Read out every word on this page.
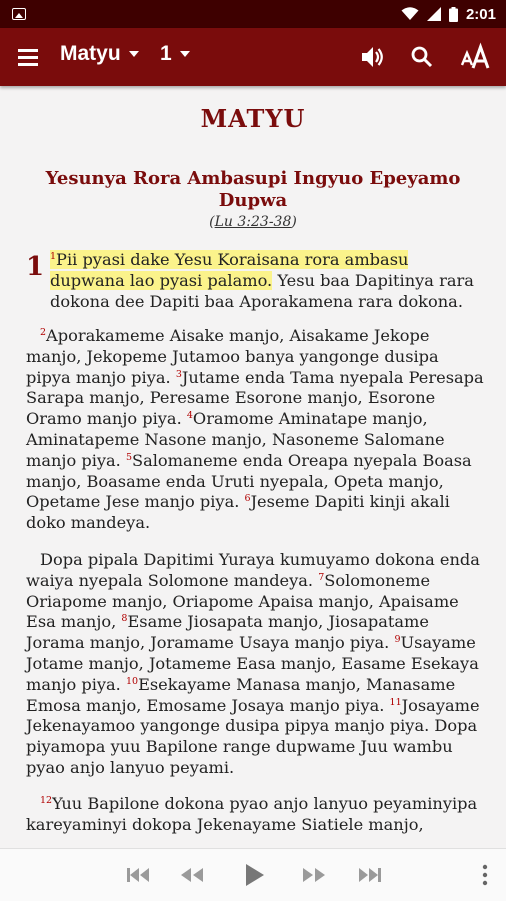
2:01
Matyu 1
MATYU
Yesunya Rora Ambasupi Ingyuo Epeyamo Dupwa
(Lu 3:23-38)
1 $^1$Pii pyasi dake Yesu Koraisana rora ambasu dupwana lao pyasi palamo. Yesu baa Dapitinya rara dokona dee Dapiti baa Aporakamena rara dokona.
$^2$Aporakameme Aisake manjo, Aisakame Jekope manjo, Jekopeme Jutamoo banya yangonge dusipa pipya manjo piya. $^3$Jutame enda Tama nyepala Peresapa Sarapa manjo, Peresame Esorone manjo, Esorone Oramo manjo piya. $^4$Oramome Aminatape manjo, Aminatapeme Nasone manjo, Nasoneme Salomane manjo piya. $^5$Salomaneme enda Oreapa nyepala Boasa manjo, Boasame enda Uruti nyepala, Opeta manjo, Opetame Jese manjo piya. $^6$Jeseme Dapiti kinji akali doko mandeya.
Dopa pipala Dapitimi Yuraya kumuyamo dokona enda waiya nyepala Solomone mandeya. $^7$Solomoneme Oriapome manjo, Oriapome Apaisa manjo, Apaisame Esa manjo, $^8$Esame Jiosapata manjo, Jiosapatame Jorama manjo, Joramame Usaya manjo piya. $^9$Usayame Jotame manjo, Jotameme Easa manjo, Easame Esekaya manjo piya. $^{10}$Esekayame Manasa manjo, Manasame Emosa manjo, Emosame Josaya manjo piya. $^{11}$Josayame Jekenayamoo yangonge dusipa pipya manjo piya. Dopa piyamopa yuu Bapilone range dupwame Juu wambu pyao anjo lanyuo peyami.
$^{12}$Yuu Bapilone dokona pyao anjo lanyuo peyaminyipa kareyaminyi dokopa Jekenayame Siatiele manjo,
